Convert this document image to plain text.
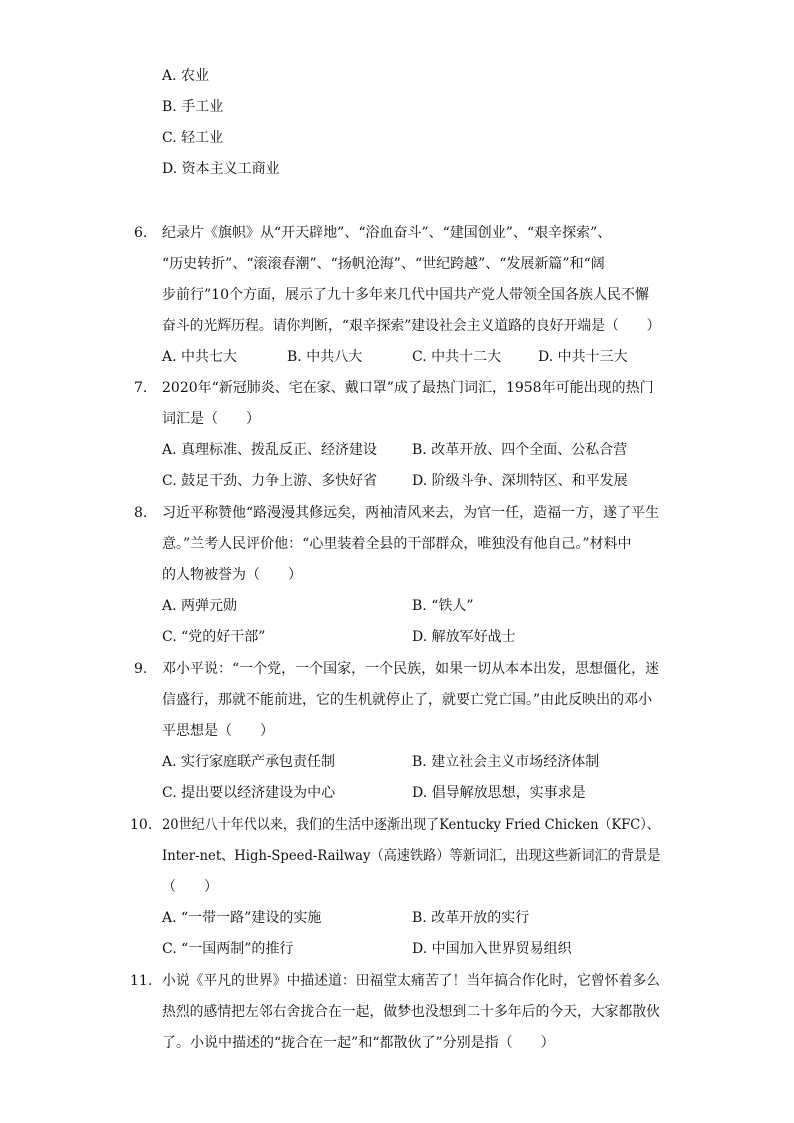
A. 农业
B. 手工业
C. 轻工业
D. 资本主义工商业
6. 纪录片《旗帜》从“开天辟地”、“浴血奋斗”、“建国创业”、“艰辛探索”、
“历史转折”、“滚滚春潮”、“扬帆沧海”、“世纪跨越”、“发展新篇”和“阔
步前行”10个方面，展示了九十多年来几代中国共产党人带领全国各族人民不懈
奋斗的光辉历程。请你判断，“艰辛探索”建设社会主义道路的良好开端是（　　）
A. 中共七大	B. 中共八大	C. 中共十二大	D. 中共十三大
7. 2020年“新冠肺炎、宅在家、戴口罩”成了最热门词汇，1958年可能出现的热门
词汇是（　　）
A. 真理标准、拨乱反正、经济建设 B. 改革开放、四个全面、公私合营
C. 鼓足干劲、力争上游、多快好省 D. 阶级斗争、深圳特区、和平发展
8. 习近平称赞他“路漫漫其修远矣，两袖清风来去，为官一任，造福一方，遂了平生
意。”兰考人民评价他：“心里装着全县的干部群众，唯独没有他自己。”材料中
的人物被誉为（　　）
A. 两弹元勋	B. “铁人”
C. “党的好干部”	D. 解放军好战士
9. 邓小平说：“一个党，一个国家，一个民族，如果一切从本本出发，思想僵化，迷
信盛行，那就不能前进，它的生机就停止了，就要亡党亡国。”由此反映出的邓小
平思想是（　　）
A. 实行家庭联产承包责任制	B. 建立社会主义市场经济体制
C. 提出要以经济建设为中心	D. 倡导解放思想，实事求是
10. 20世纪八十年代以来，我们的生活中逐渐出现了Kentucky Fried Chicken（KFC）、
Inter-net、High-Speed-Railway（高速铁路）等新词汇，出现这些新词汇的背景是
（　　）
A. “一带一路”建设的实施	B. 改革开放的实行
C. “一国两制”的推行	D. 中国加入世界贸易组织
11. 小说《平凡的世界》中描述道：田福堂太痛苦了！当年搞合作化时，它曾怀着多么
热烈的感情把左邻右舍拢合在一起，做梦也没想到二十多年后的今天，大家都散伙
了。小说中描述的“拢合在一起”和“都散伙了”分别是指（　　）
